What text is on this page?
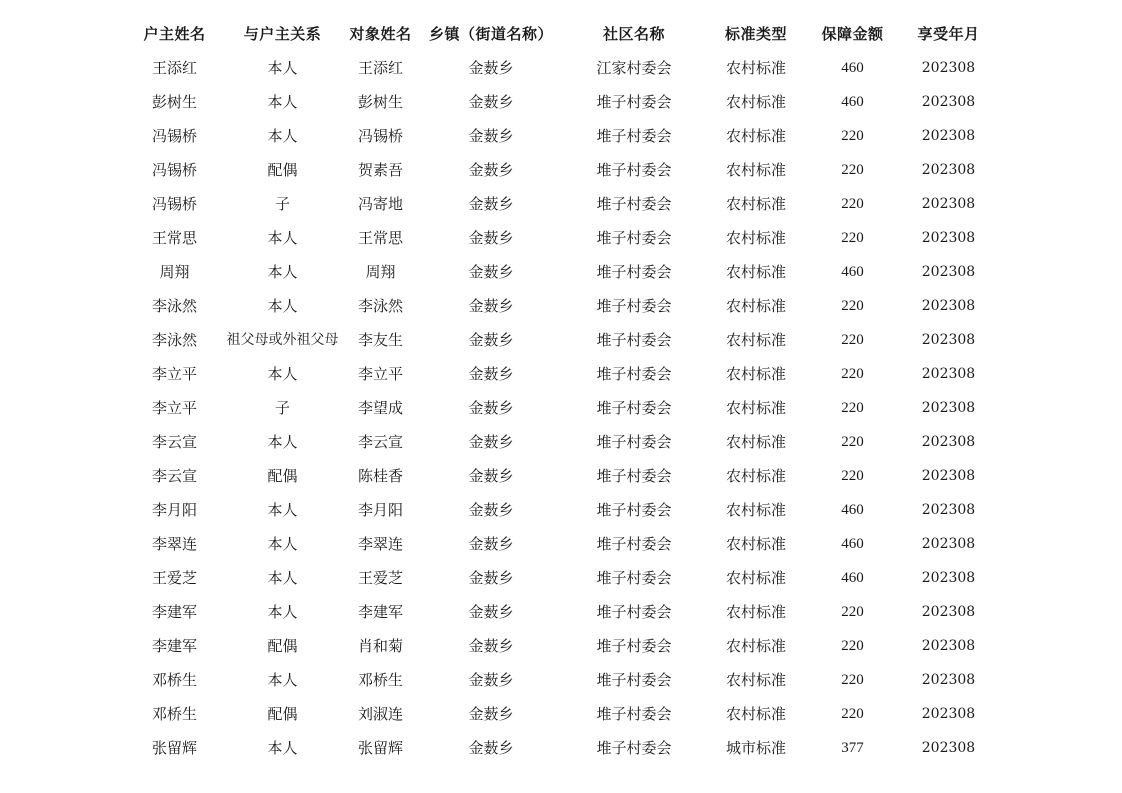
户主姓名	与户主关系	对象姓名	乡镇（街道名称）	社区名称	标准类型	保障金额	享受年月
王添红	本人	王添红	金薮乡	江家村委会	农村标准	460	202308
彭树生	本人	彭树生	金薮乡	堆子村委会	农村标准	460	202308
冯锡桥	本人	冯锡桥	金薮乡	堆子村委会	农村标准	220	202308
冯锡桥	配偶	贺素吾	金薮乡	堆子村委会	农村标准	220	202308
冯锡桥	子	冯寄地	金薮乡	堆子村委会	农村标准	220	202308
王常思	本人	王常思	金薮乡	堆子村委会	农村标准	220	202308
周翔	本人	周翔	金薮乡	堆子村委会	农村标准	460	202308
李泳然	本人	李泳然	金薮乡	堆子村委会	农村标准	220	202308
李泳然	祖父母或外祖父母	李友生	金薮乡	堆子村委会	农村标准	220	202308
李立平	本人	李立平	金薮乡	堆子村委会	农村标准	220	202308
李立平	子	李望成	金薮乡	堆子村委会	农村标准	220	202308
李云宣	本人	李云宣	金薮乡	堆子村委会	农村标准	220	202308
李云宣	配偶	陈桂香	金薮乡	堆子村委会	农村标准	220	202308
李月阳	本人	李月阳	金薮乡	堆子村委会	农村标准	460	202308
李翠连	本人	李翠连	金薮乡	堆子村委会	农村标准	460	202308
王爱芝	本人	王爱芝	金薮乡	堆子村委会	农村标准	460	202308
李建军	本人	李建军	金薮乡	堆子村委会	农村标准	220	202308
李建军	配偶	肖和菊	金薮乡	堆子村委会	农村标准	220	202308
邓桥生	本人	邓桥生	金薮乡	堆子村委会	农村标准	220	202308
邓桥生	配偶	刘淑连	金薮乡	堆子村委会	农村标准	220	202308
张留辉	本人	张留辉	金薮乡	堆子村委会	城市标准	377	202308
